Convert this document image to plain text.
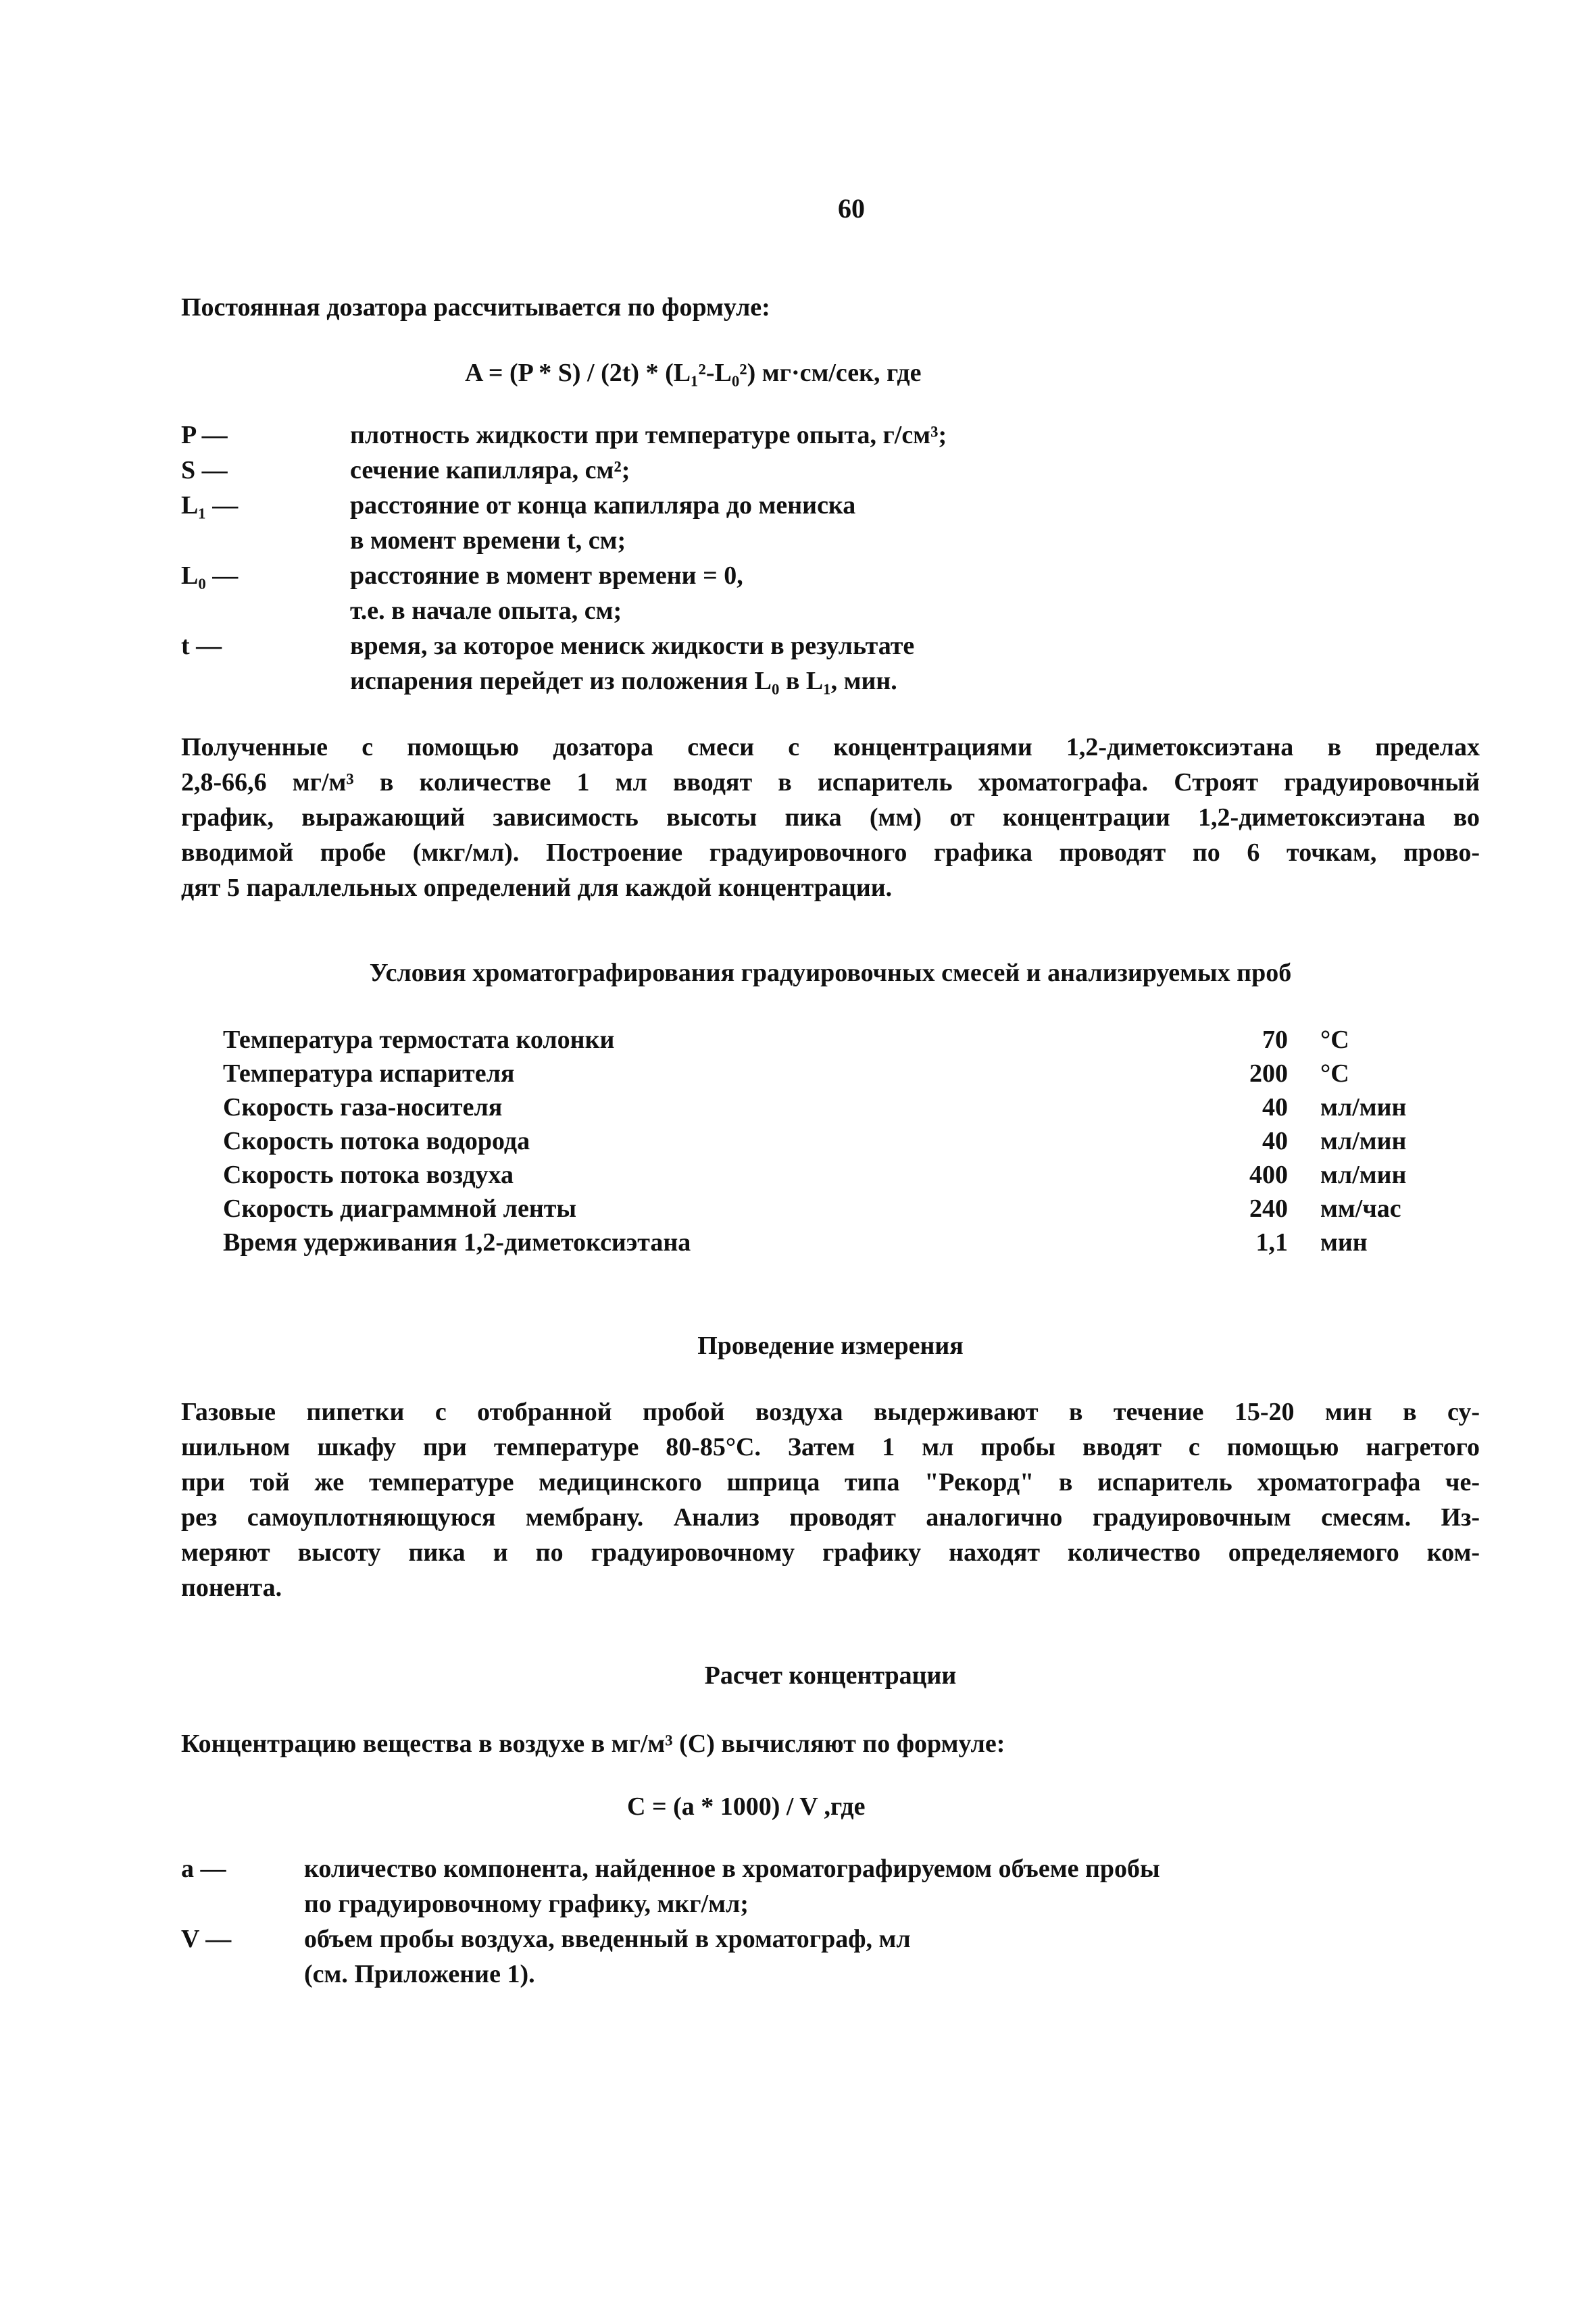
60
Постоянная дозатора рассчитывается по формуле:
A = (P * S) / (2t) * (L₁²-L₀²) мг·см/сек, где
P —	плотность жидкости при температуре опыта, г/см³;
S —	сечение капилляра, см²;
L₁ —	расстояние от конца капилляра до мениска
в момент времени t, см;
L₀ —	расстояние в момент времени = 0,
т.е. в начале опыта, см;
t —	время, за которое мениск жидкости в результате
испарения перейдет из положения L₀ в L₁, мин.
Полученные с помощью дозатора смеси с концентрациями 1,2-диметоксиэтана в пределах
2,8-66,6 мг/м³ в количестве 1 мл вводят в испаритель хроматографа. Строят градуировочный
график, выражающий зависимость высоты пика (мм) от концентрации 1,2-диметоксиэтана во
вводимой пробе (мкг/мл). Построение градуировочного графика проводят по 6 точкам, прово-
дят 5 параллельных определений для каждой концентрации.
Условия хроматографирования градуировочных смесей и анализируемых проб
Температура термостата колонки	70	°C
Температура испарителя	200	°C
Скорость газа-носителя	40	мл/мин
Скорость потока водорода	40	мл/мин
Скорость потока воздуха	400	мл/мин
Скорость диаграммной ленты	240	мм/час
Время удерживания 1,2-диметоксиэтана	1,1	мин
Проведение измерения
Газовые пипетки с отобранной пробой воздуха выдерживают в течение 15-20 мин в су-
шильном шкафу при температуре 80-85°C. Затем 1 мл пробы вводят с помощью нагретого
при той же температуре медицинского шприца типа "Рекорд" в испаритель хроматографа че-
рез самоуплотняющуюся мембрану. Анализ проводят аналогично градуировочным смесям. Из-
меряют высоту пика и по градуировочному графику находят количество определяемого ком-
понента.
Расчет концентрации
Концентрацию вещества в воздухе в мг/м³ (С) вычисляют по формуле:
C = (a * 1000) / V ,где
a —	количество компонента, найденное в хроматографируемом объеме пробы
по градуировочному графику, мкг/мл;
V —	объем пробы воздуха, введенный в хроматограф, мл
(см. Приложение 1).
